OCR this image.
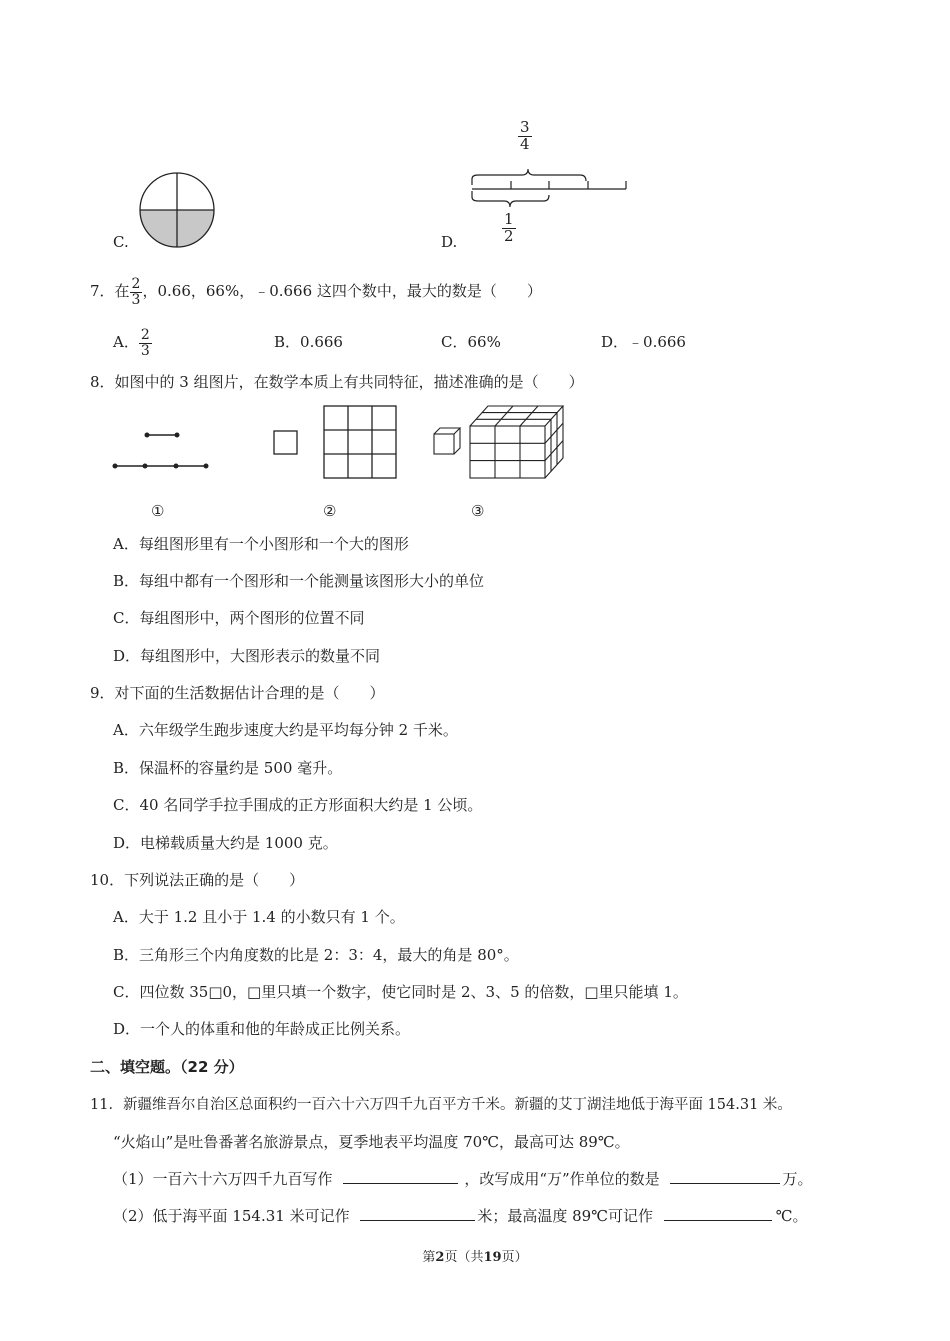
C.	D.
$\frac{3}{4}$
$\frac{1}{2}$
7．在 $\frac{2}{3}$ ，0.66，66%，﹣0.666 这四个数中，最大的数是（　　）
A． $\frac{2}{3}$	B．0.666	C．66%	D．﹣0.666
8．如图中的 3 组图片，在数学本质上有共同特征，描述准确的是（　　）
①	②	③
A．每组图形里有一个小图形和一个大的图形
B．每组中都有一个图形和一个能测量该图形大小的单位
C．每组图形中，两个图形的位置不同
D．每组图形中，大图形表示的数量不同
9．对下面的生活数据估计合理的是（　　）
A．六年级学生跑步速度大约是平均每分钟 2 千米。
B．保温杯的容量约是 500 毫升。
C．40 名同学手拉手围成的正方形面积大约是 1 公顷。
D．电梯载质量大约是 1000 克。
10．下列说法正确的是（　　）
A．大于 1.2 且小于 1.4 的小数只有 1 个。
B．三角形三个内角度数的比是 2：3：4，最大的角是 80°。
C．四位数 35□0，□里只填一个数字，使它同时是 2、3、5 的倍数，□里只能填 1。
D．一个人的体重和他的年龄成正比例关系。
二、填空题。（22 分）
11．新疆维吾尔自治区总面积约一百六十六万四千九百平方千米。新疆的艾丁湖洼地低于海平面 154.31 米。
“火焰山”是吐鲁番著名旅游景点，夏季地表平均温度 70℃，最高可达 89℃。
（1）一百六十六万四千九百写作	，改写成用“万”作单位的数是	万。
（2）低于海平面 154.31 米可记作	米；最高温度 89℃可记作	℃。
第2页（共19页）
